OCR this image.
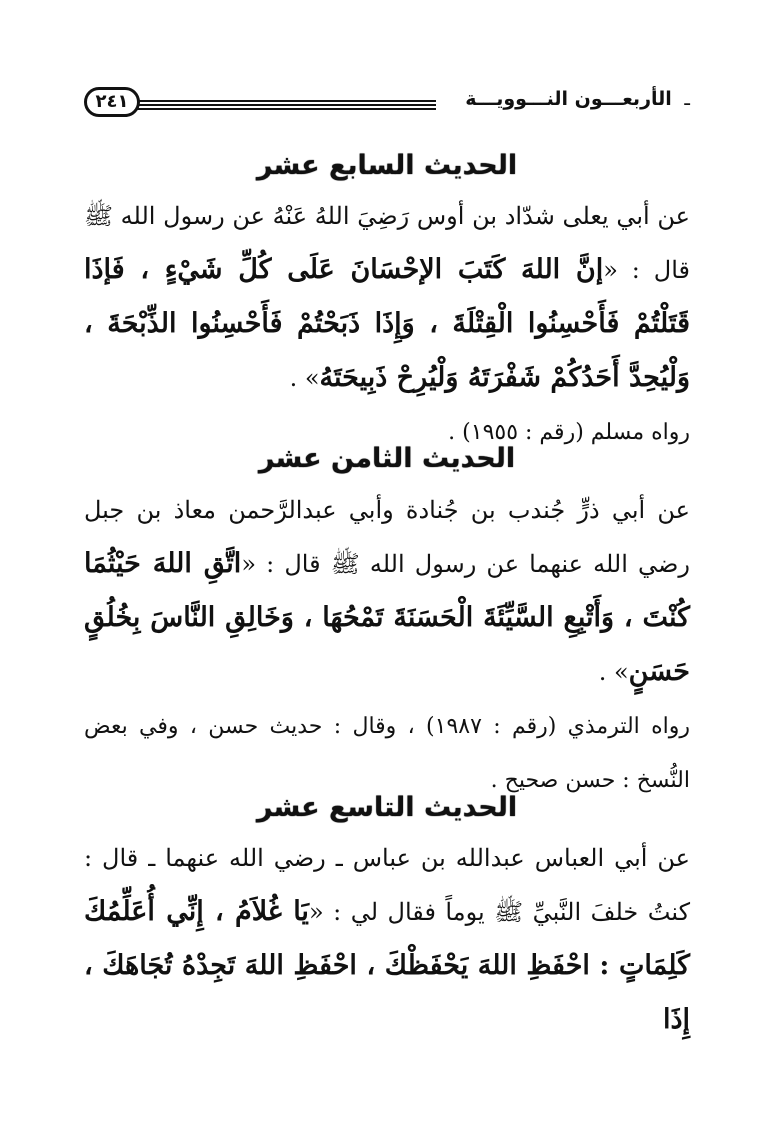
ـ الأربعـــون النـــوويـــة
٢٤١
الحديث السابع عشر
عن أبي يعلى شدّاد بن أوس رَضِيَ اللهُ عَنْهُ عن رسول الله ﷺ قال : «إنَّ اللهَ كَتَبَ الإحْسَانَ عَلَى كُلِّ شَيْءٍ ، فَإذَا قَتَلْتُمْ فَأَحْسِنُوا الْقِتْلَةَ ، وَإِذَا ذَبَحْتُمْ فَأَحْسِنُوا الذِّبْحَةَ ، وَلْيُحِدَّ أَحَدُكُمْ شَفْرَتَهُ وَلْيُرِحْ ذَبِيحَتَهُ» .
رواه مسلم (رقم : ١٩٥٥) .
الحديث الثامن عشر
عن أبي ذرٍّ جُندب بن جُنادة وأبي عبدالرَّحمن معاذ بن جبل رضي الله عنهما عن رسول الله ﷺ قال : «اتَّقِ اللهَ حَيْثُمَا كُنْتَ ، وَأَتْبِعِ السَّيِّئَةَ الْحَسَنَةَ تَمْحُهَا ، وَخَالِقِ النَّاسَ بِخُلُقٍ حَسَنٍ» .
رواه الترمذي (رقم : ١٩٨٧) ، وقال : حديث حسن ، وفي بعض النُّسخ : حسن صحيح .
الحديث التاسع عشر
عن أبي العباس عبدالله بن عباس ـ رضي الله عنهما ـ قال : كنتُ خلفَ النَّبيِّ ﷺ يوماً فقال لي : «يَا غُلاَمُ ، إِنِّي أُعَلِّمُكَ كَلِمَاتٍ : احْفَظِ اللهَ يَحْفَظْكَ ، احْفَظِ اللهَ تَجِدْهُ تُجَاهَكَ ، إِذَا
